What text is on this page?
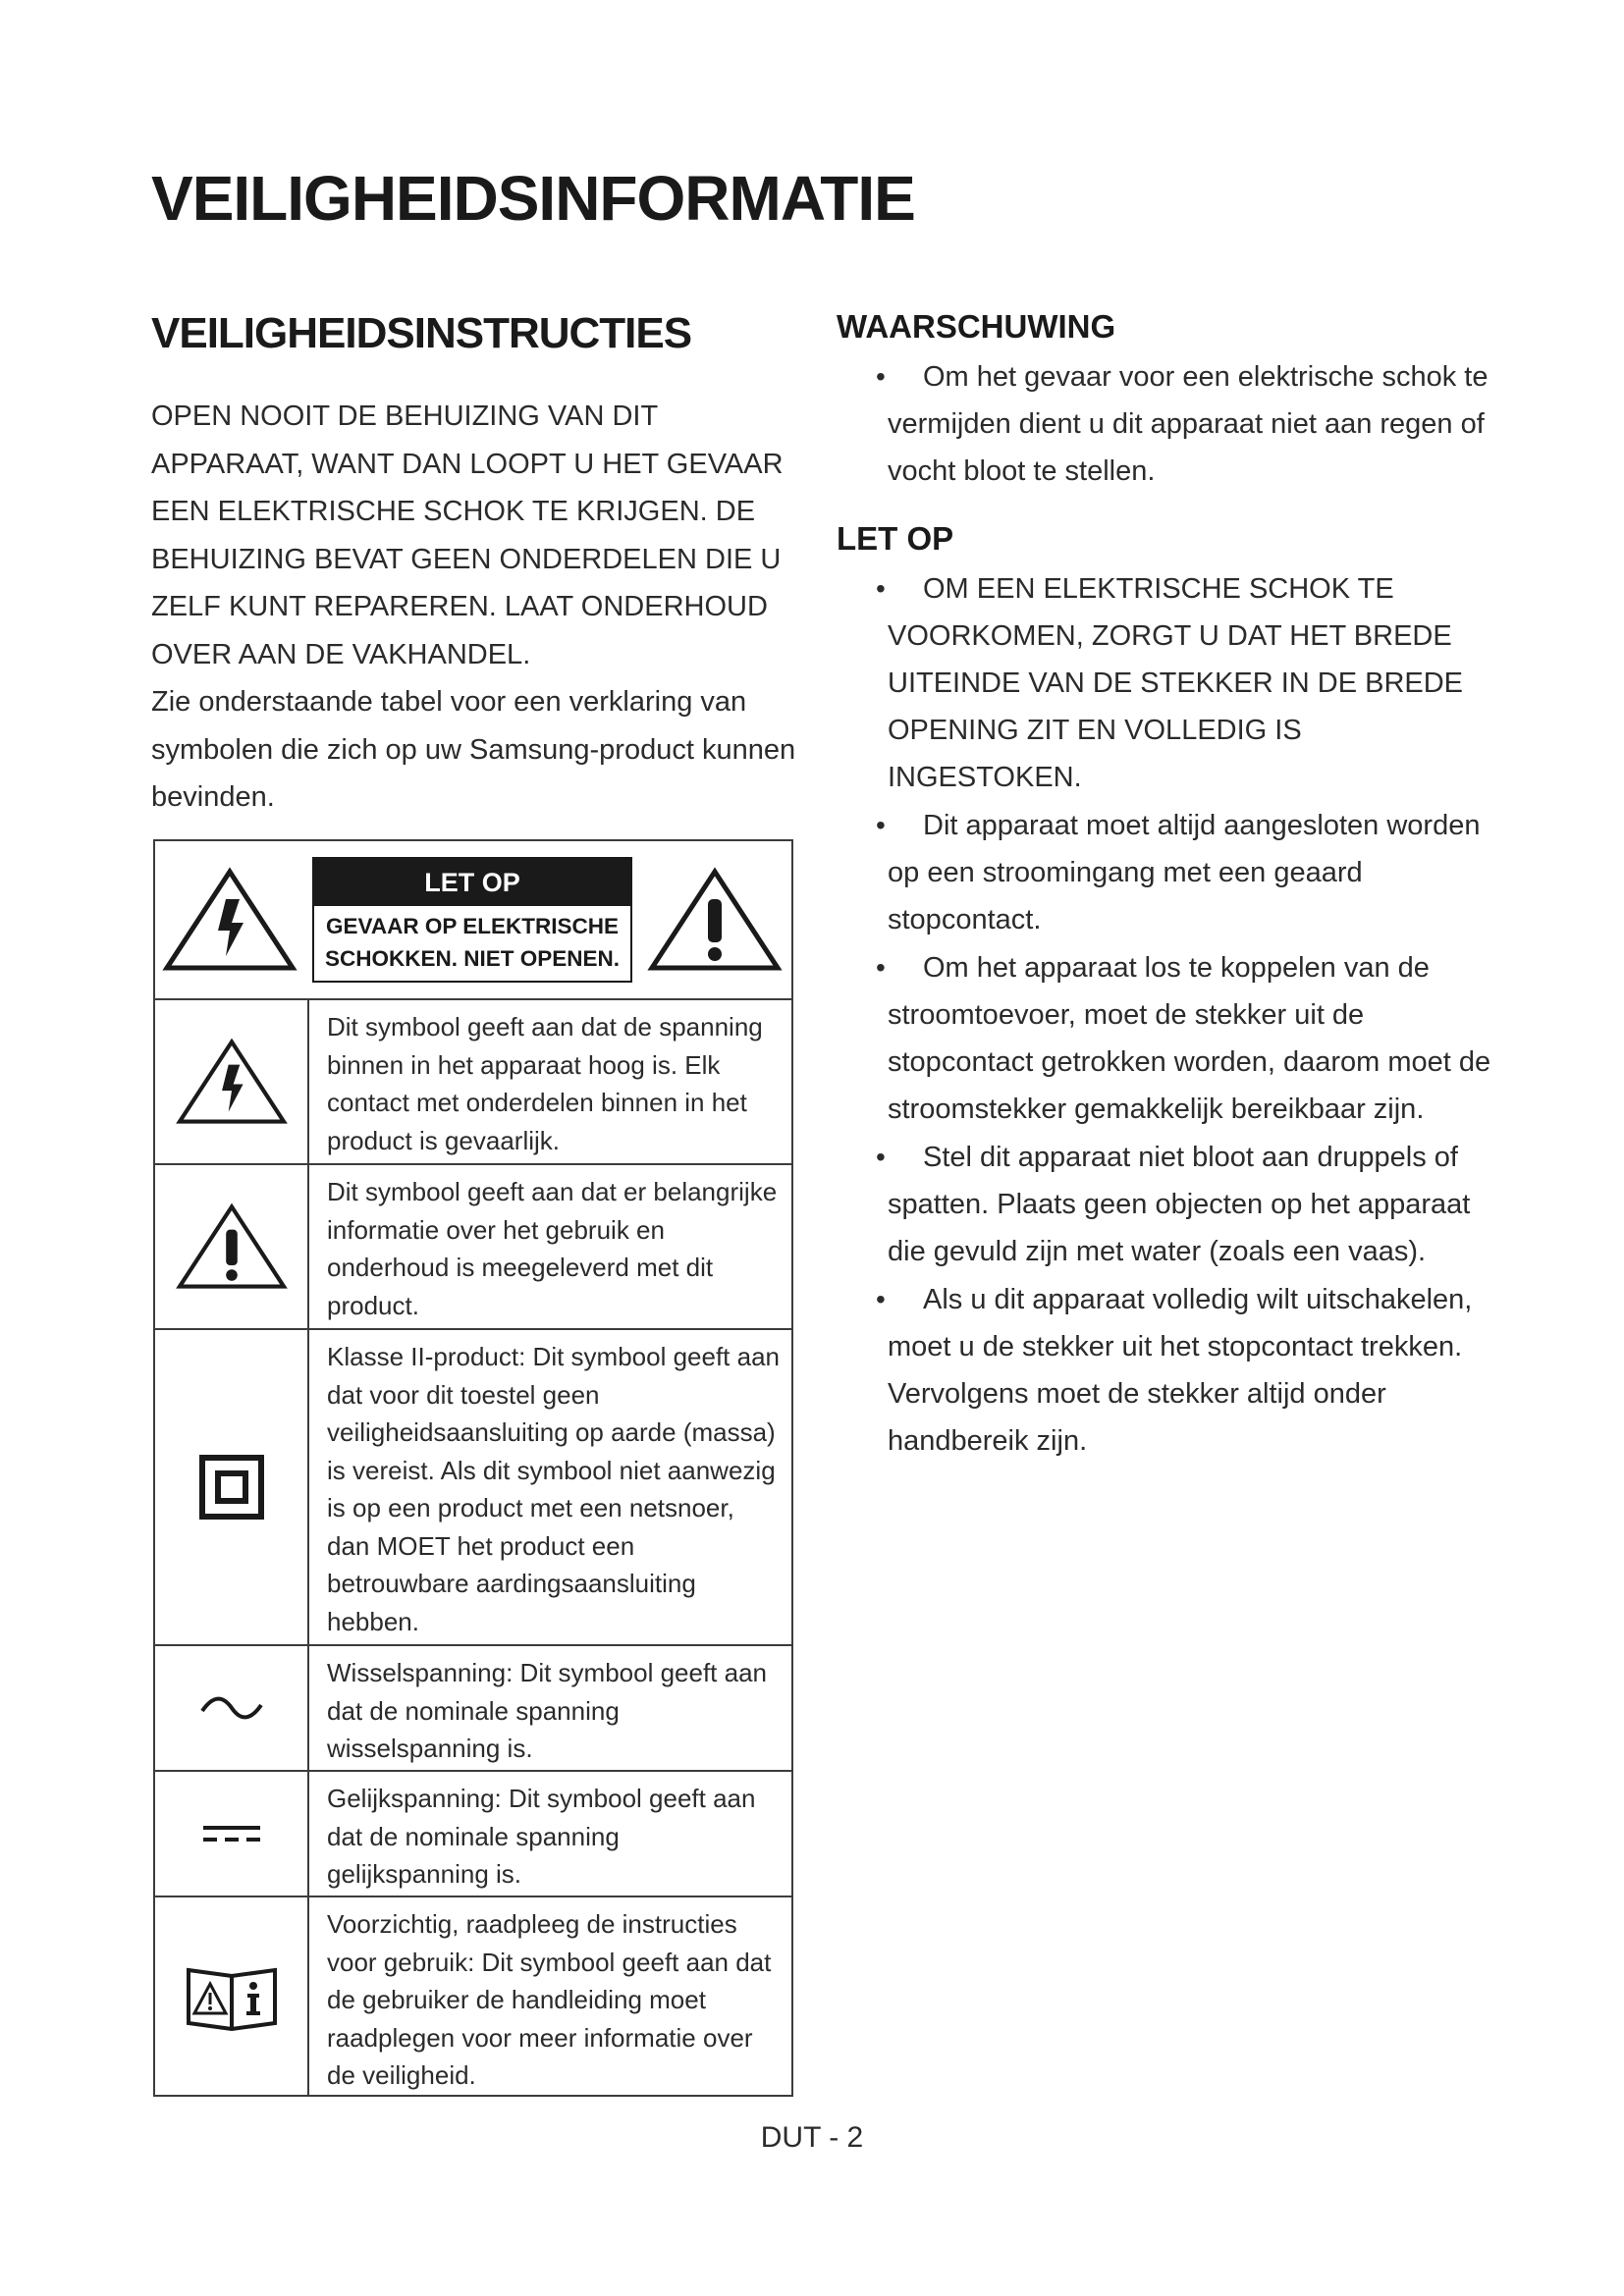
VEILIGHEIDSINFORMATIE
VEILIGHEIDSINSTRUCTIES

OPEN NOOIT DE BEHUIZING VAN DIT APPARAAT, WANT DAN LOOPT U HET GEVAAR EEN ELEKTRISCHE SCHOK TE KRIJGEN. DE BEHUIZING BEVAT GEEN ONDERDELEN DIE U ZELF KUNT REPAREREN. LAAT ONDERHOUD OVER AAN DE VAKHANDEL.

Zie onderstaande tabel voor een verklaring van symbolen die zich op uw Samsung-product kunnen bevinden.

LET OP
GEVAAR OP ELEKTRISCHE SCHOKKEN. NIET OPENEN.
Dit symbool geeft aan dat de spanning binnen in het apparaat hoog is. Elk contact met onderdelen binnen in het product is gevaarlijk.
Dit symbool geeft aan dat er belangrijke informatie over het gebruik en onderhoud is meegeleverd met dit product.
Klasse II-product: Dit symbool geeft aan dat voor dit toestel geen veiligheidsaansluiting op aarde (massa) is vereist. Als dit symbool niet aanwezig is op een product met een netsnoer, dan MOET het product een betrouwbare aardingsaansluiting hebben.
Wisselspanning: Dit symbool geeft aan dat de nominale spanning wisselspanning is.
Gelijkspanning: Dit symbool geeft aan dat de nominale spanning gelijkspanning is.
Voorzichtig, raadpleeg de instructies voor gebruik: Dit symbool geeft aan dat de gebruiker de handleiding moet raadplegen voor meer informatie over de veiligheid.
WAARSCHUWING
• Om het gevaar voor een elektrische schok te vermijden dient u dit apparaat niet aan regen of vocht bloot te stellen.
LET OP
• OM EEN ELEKTRISCHE SCHOK TE VOORKOMEN, ZORGT U DAT HET BREDE UITEINDE VAN DE STEKKER IN DE BREDE OPENING ZIT EN VOLLEDIG IS INGESTOKEN.
• Dit apparaat moet altijd aangesloten worden op een stroomingang met een geaard stopcontact.
• Om het apparaat los te koppelen van de stroomtoevoer, moet de stekker uit de stopcontact getrokken worden, daarom moet de stroomstekker gemakkelijk bereikbaar zijn.
• Stel dit apparaat niet bloot aan druppels of spatten. Plaats geen objecten op het apparaat die gevuld zijn met water (zoals een vaas).
• Als u dit apparaat volledig wilt uitschakelen, moet u de stekker uit het stopcontact trekken. Vervolgens moet de stekker altijd onder handbereik zijn.
DUT - 2
